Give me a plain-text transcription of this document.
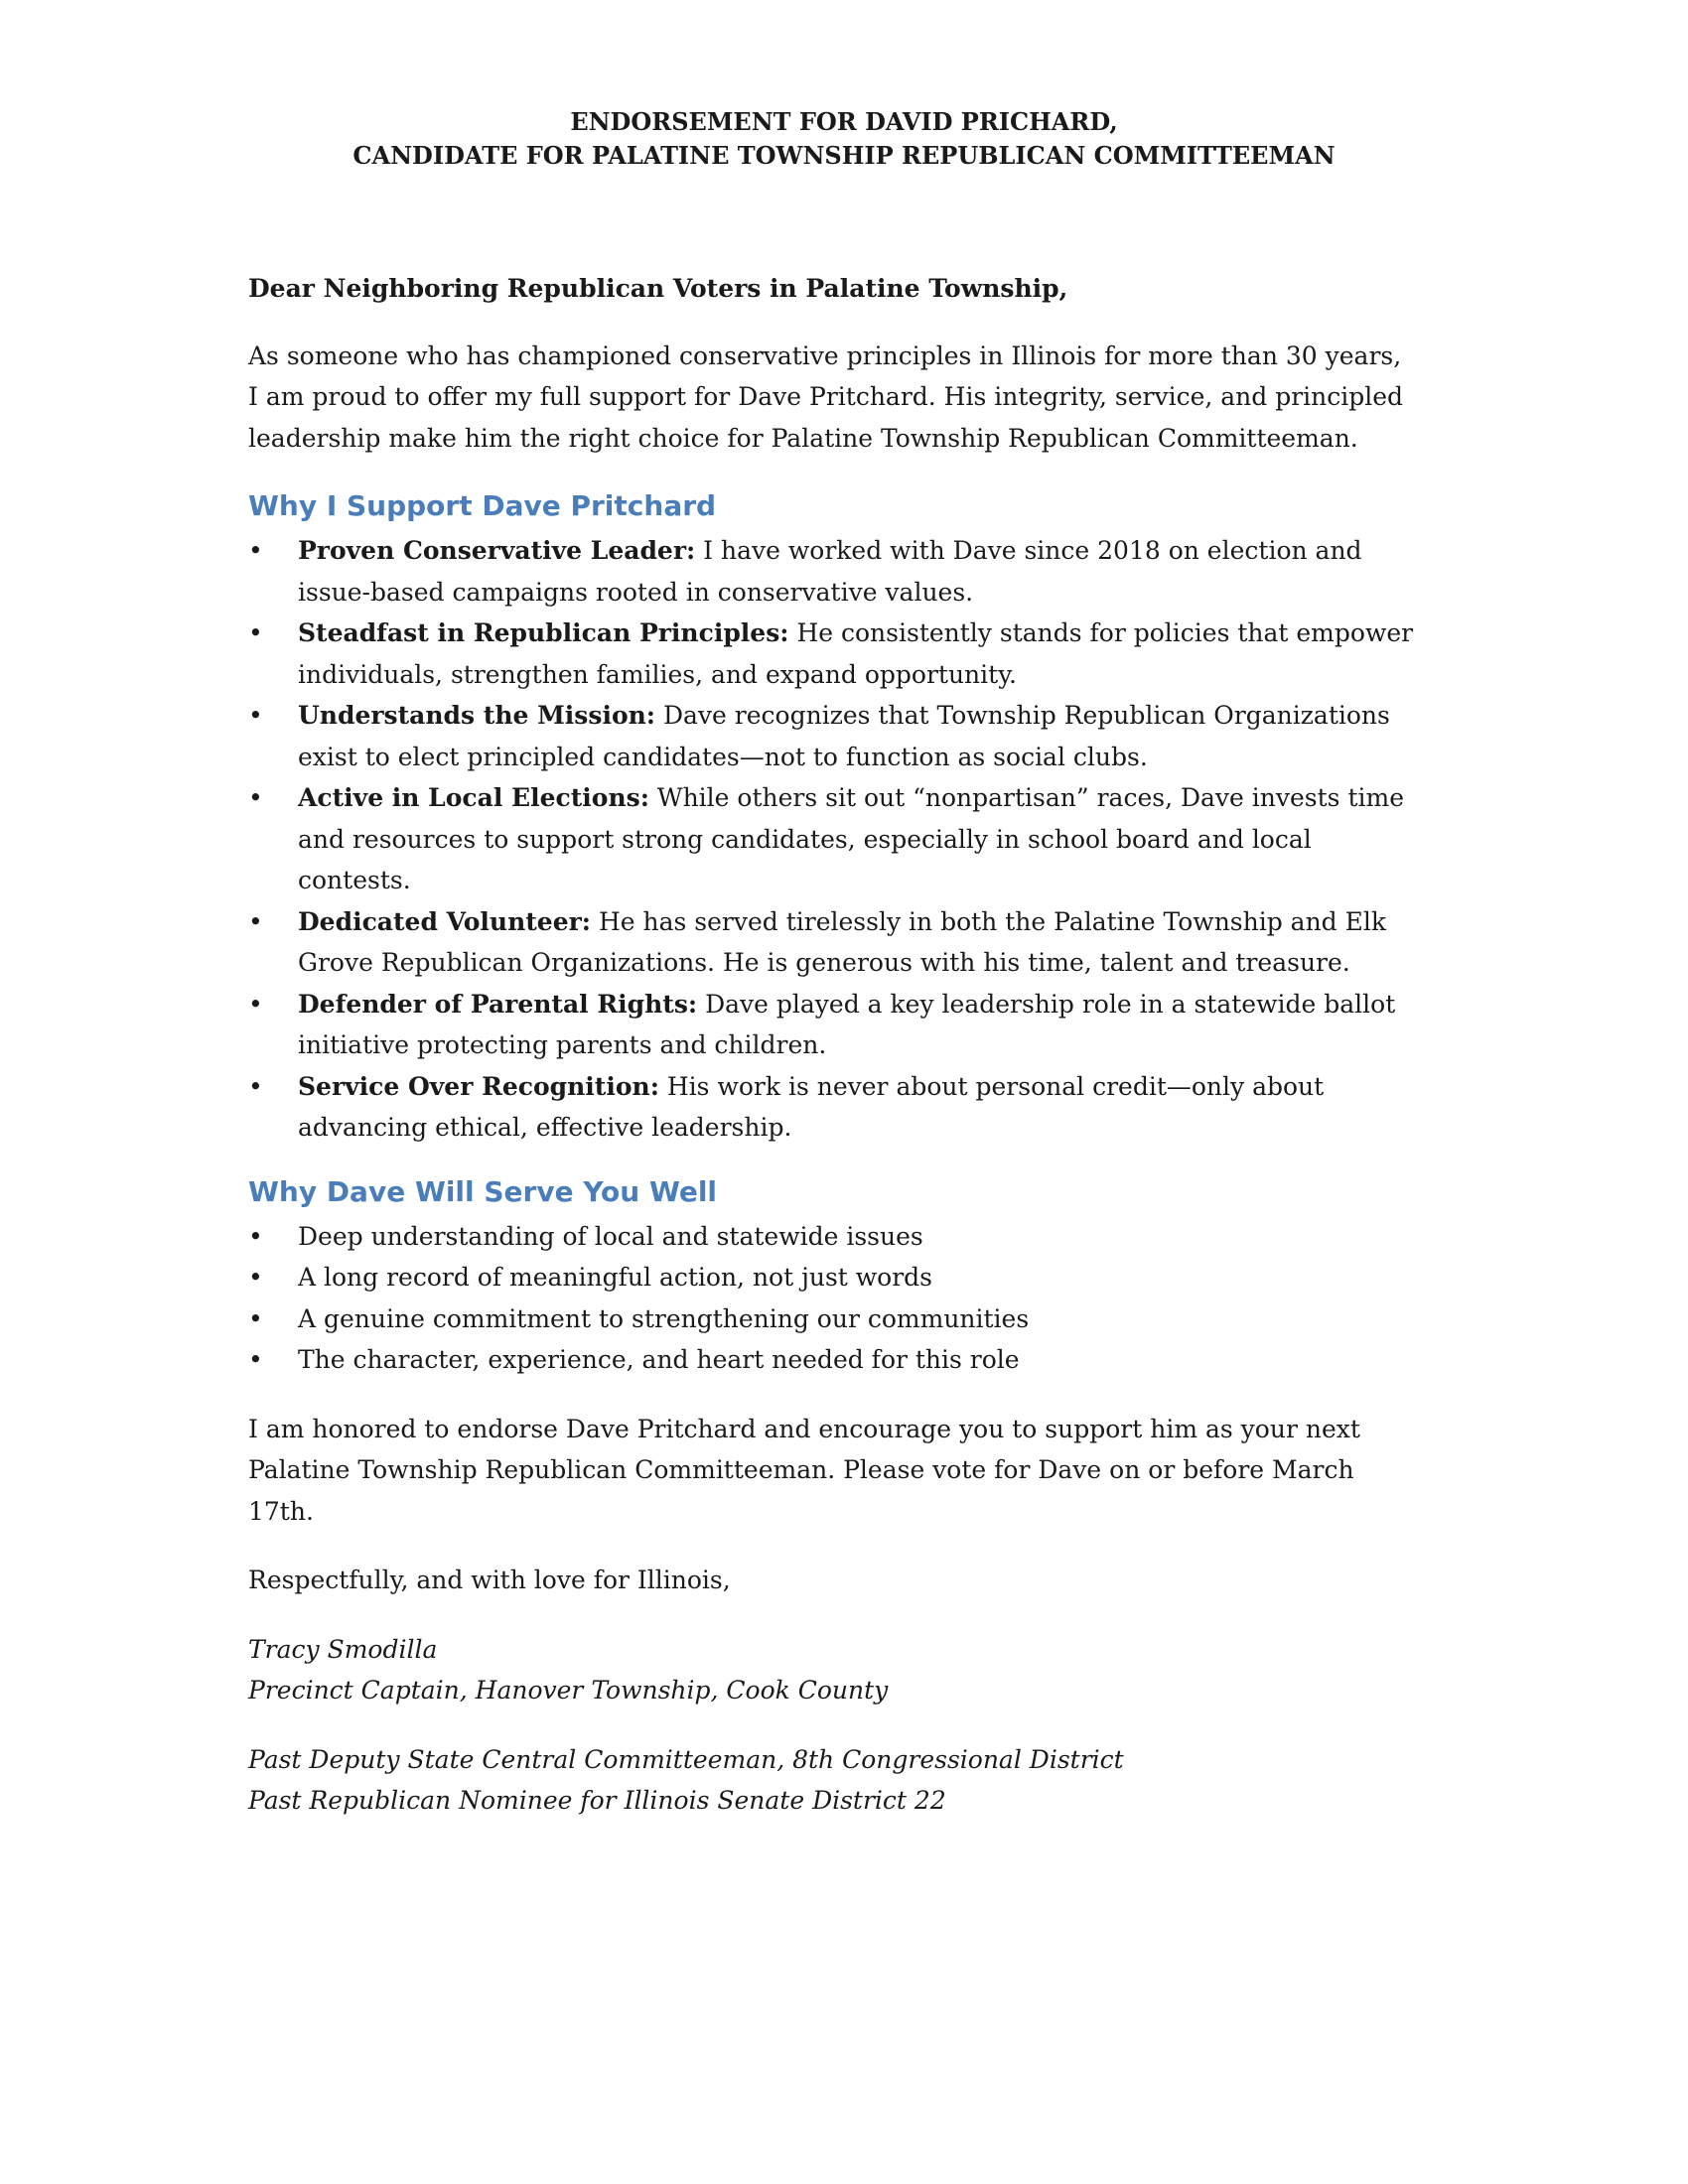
ENDORSEMENT FOR DAVID PRICHARD,
CANDIDATE FOR PALATINE TOWNSHIP REPUBLICAN COMMITTEEMAN

Dear Neighboring Republican Voters in Palatine Township,

As someone who has championed conservative principles in Illinois for more than 30 years,
I am proud to offer my full support for Dave Pritchard. His integrity, service, and principled
leadership make him the right choice for Palatine Township Republican Committeeman.

Why I Support Dave Pritchard
• Proven Conservative Leader: I have worked with Dave since 2018 on election and
issue-based campaigns rooted in conservative values.
• Steadfast in Republican Principles: He consistently stands for policies that empower
individuals, strengthen families, and expand opportunity.
• Understands the Mission: Dave recognizes that Township Republican Organizations
exist to elect principled candidates—not to function as social clubs.
• Active in Local Elections: While others sit out “nonpartisan” races, Dave invests time
and resources to support strong candidates, especially in school board and local
contests.
• Dedicated Volunteer: He has served tirelessly in both the Palatine Township and Elk
Grove Republican Organizations. He is generous with his time, talent and treasure.
• Defender of Parental Rights: Dave played a key leadership role in a statewide ballot
initiative protecting parents and children.
• Service Over Recognition: His work is never about personal credit—only about
advancing ethical, effective leadership.
Why Dave Will Serve You Well
• Deep understanding of local and statewide issues
• A long record of meaningful action, not just words
• A genuine commitment to strengthening our communities
• The character, experience, and heart needed for this role

I am honored to endorse Dave Pritchard and encourage you to support him as your next
Palatine Township Republican Committeeman. Please vote for Dave on or before March
17th.

Respectfully, and with love for Illinois,

Tracy Smodilla
Precinct Captain, Hanover Township, Cook County
Past Deputy State Central Committeeman, 8th Congressional District
Past Republican Nominee for Illinois Senate District 22
